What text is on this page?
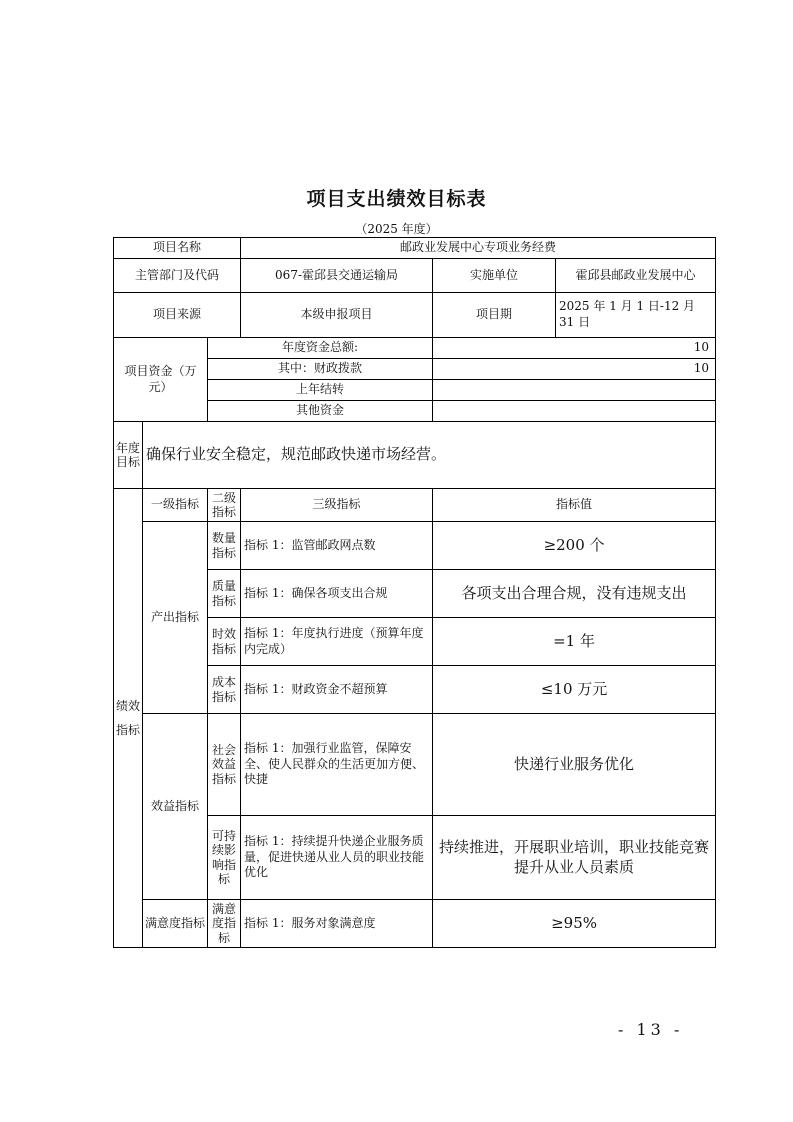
项目支出绩效目标表
（2025 年度）
项目名称			邮政业发展中心专项业务经费		
主管部门及代码			067-霍邱县交通运输局	实施单位	霍邱县邮政业发展中心
项目来源			本级申报项目	项目期	2025 年 1 月 1 日-12 月 31 日
项目资金（万元）		年度资金总额:		10	
		其中：财政拨款		10	
		上年结转			
		其他资金			
年度目标	确保行业安全稳定，规范邮政快递市场经营。				
绩效指标	一级指标	二级指标	三级指标	指标值	
	产出指标	数量指标	指标 1：监管邮政网点数	≥200 个	
		质量指标	指标 1：确保各项支出合规	各项支出合理合规，没有违规支出	
		时效指标	指标 1：年度执行进度（预算年度内完成）	=1 年	
		成本指标	指标 1：财政资金不超预算	≤10 万元	
	效益指标	社会效益指标	指标 1：加强行业监管，保障安全、使人民群众的生活更加方便、快捷	快递行业服务优化	
		可持续影响指标	指标 1：持续提升快递企业服务质量，促进快递从业人员的职业技能优化	持续推进，开展职业培训，职业技能竞赛提升从业人员素质	
	满意度指标	满意度指标	指标 1：服务对象满意度	≥95%	
- 13 -
